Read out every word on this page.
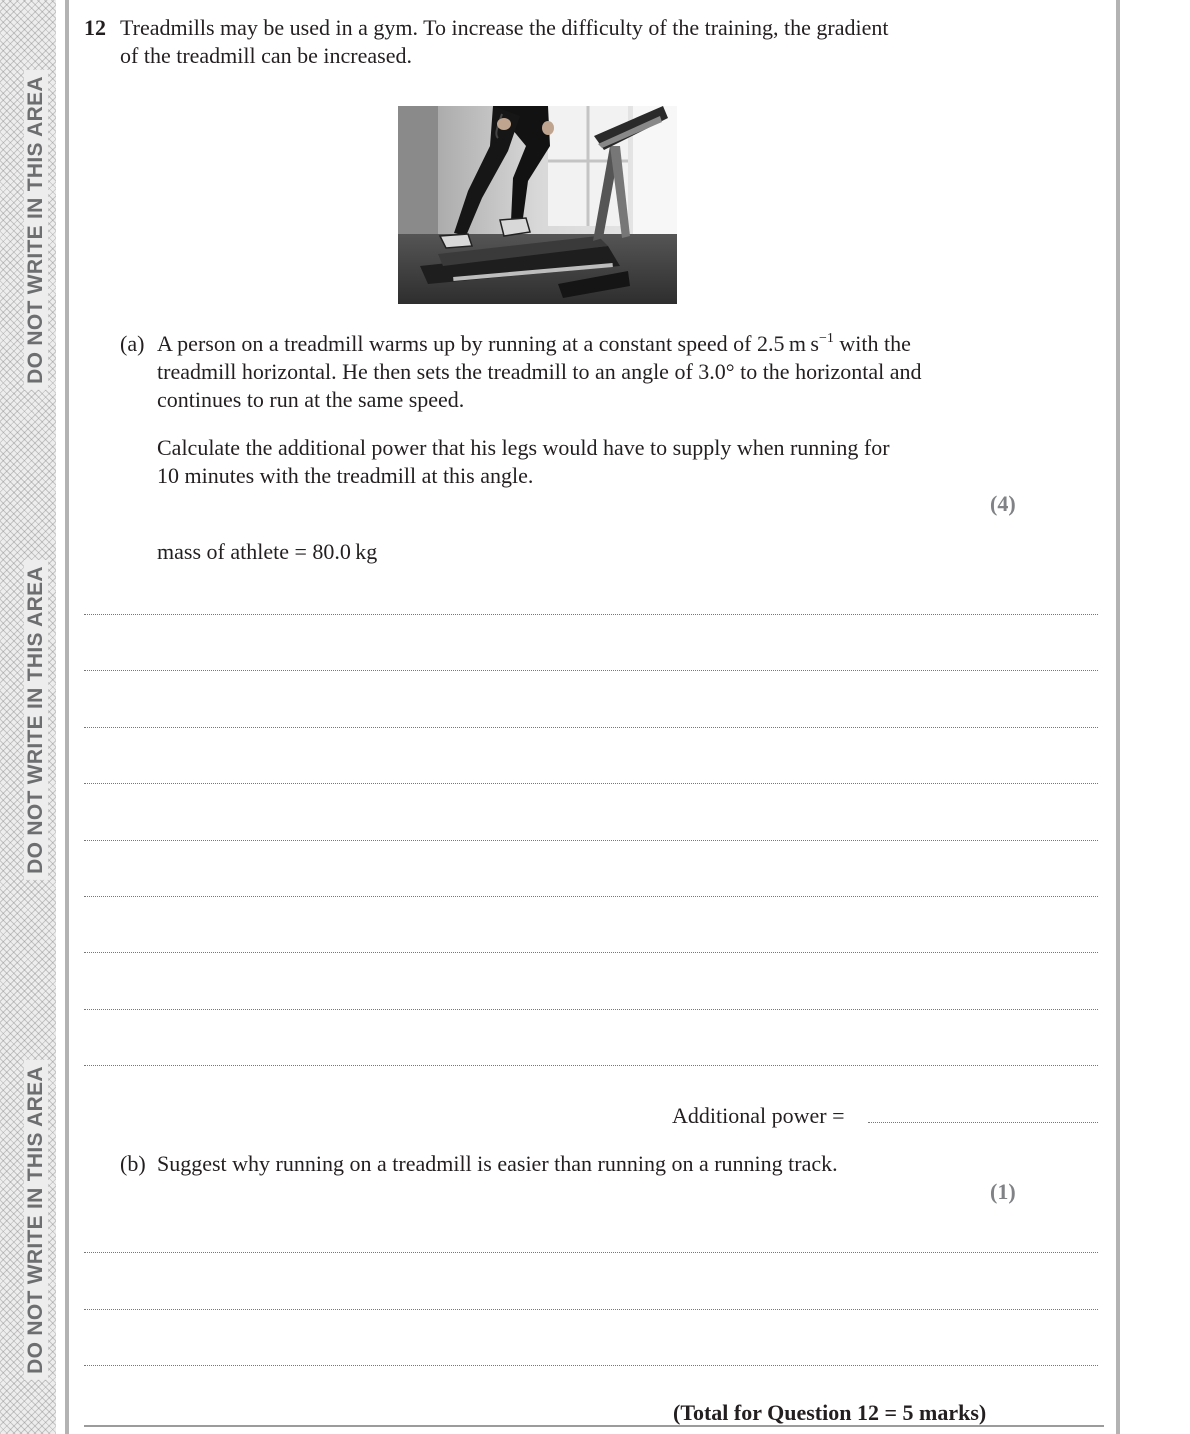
DO NOT WRITE IN THIS AREA
DO NOT WRITE IN THIS AREA
DO NOT WRITE IN THIS AREA
12 Treadmills may be used in a gym. To increase the difficulty of the training, the gradient
of the treadmill can be increased.
(a) A person on a treadmill warms up by running at a constant speed of 2.5 m $s^{-1}$ with the
treadmill horizontal. He then sets the treadmill to an angle of 3.0° to the horizontal and
continues to run at the same speed.
Calculate the additional power that his legs would have to supply when running for
10 minutes with the treadmill at this angle.
(4)
mass of athlete = 80.0 kg
Additional power =
(b) Suggest why running on a treadmill is easier than running on a running track.
(1)
(Total for Question 12 = 5 marks)
